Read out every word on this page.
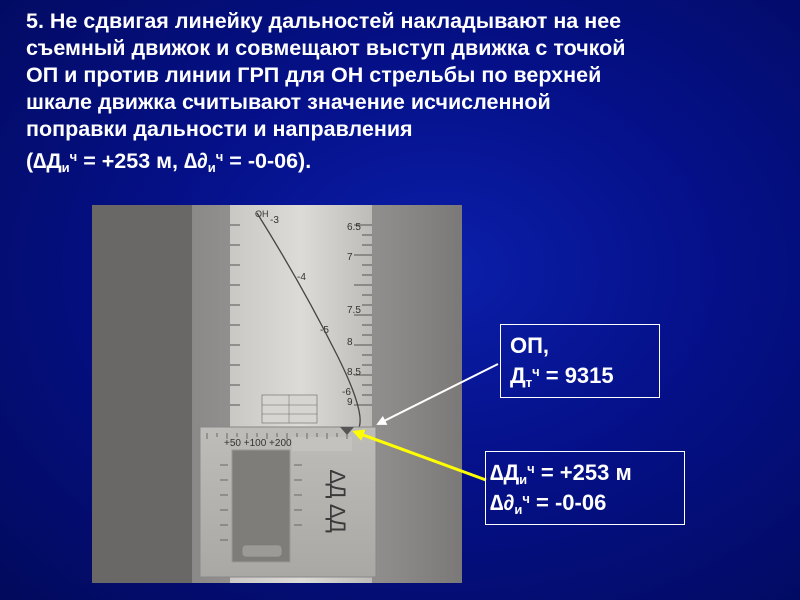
5. Не сдвигая линейку дальностей накладывают на нее
съемный движок и совмещают выступ движка с точкой
ОП и против линии ГРП для ОН стрельбы по верхней
шкале движка считывают значение исчисленной
поправки дальности и направления
($\Delta Д_и^ч = +253$ м, $\Delta\partial_и^ч = -0-06$).
6.5
7
7.5
8
8.5
9
-3
-4
-5
-6
ОН
+50 +100 +200
∆Д ∆Д
ОП,
$Д_т^ч = 9315$
$\Delta Д_и^ч = +253$ м
$\Delta\partial_и^ч = -0-06$
